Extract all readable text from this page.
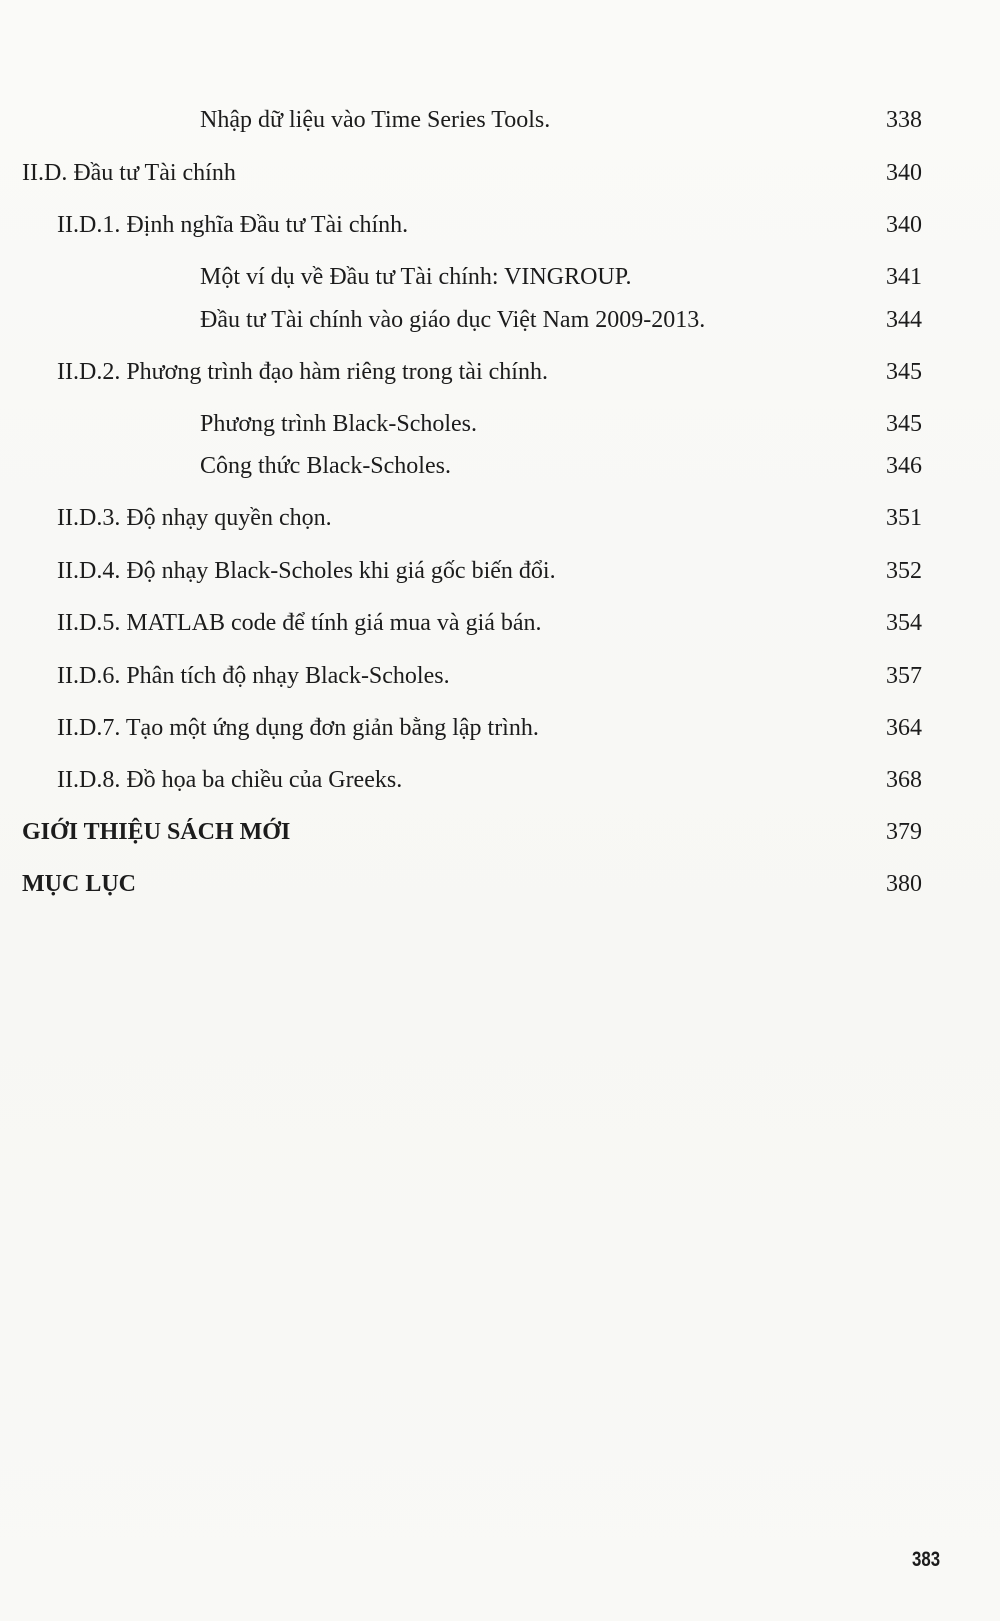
Nhập dữ liệu vào Time Series Tools.	338
II.D. Đầu tư Tài chính	340
II.D.1. Định nghĩa Đầu tư Tài chính.	340
Một ví dụ về Đầu tư Tài chính: VINGROUP.	341
Đầu tư Tài chính vào giáo dục Việt Nam 2009-2013.	344
II.D.2. Phương trình đạo hàm riêng trong tài chính.	345
Phương trình Black-Scholes.	345
Công thức Black-Scholes.	346
II.D.3. Độ nhạy quyền chọn.	351
II.D.4. Độ nhạy Black-Scholes khi giá gốc biến đổi.	352
II.D.5. MATLAB code để tính giá mua và giá bán.	354
II.D.6. Phân tích độ nhạy Black-Scholes.	357
II.D.7. Tạo một ứng dụng đơn giản bằng lập trình.	364
II.D.8. Đồ họa ba chiều của Greeks.	368
GIỚI THIỆU SÁCH MỚI	379
MỤC LỤC	380
383
